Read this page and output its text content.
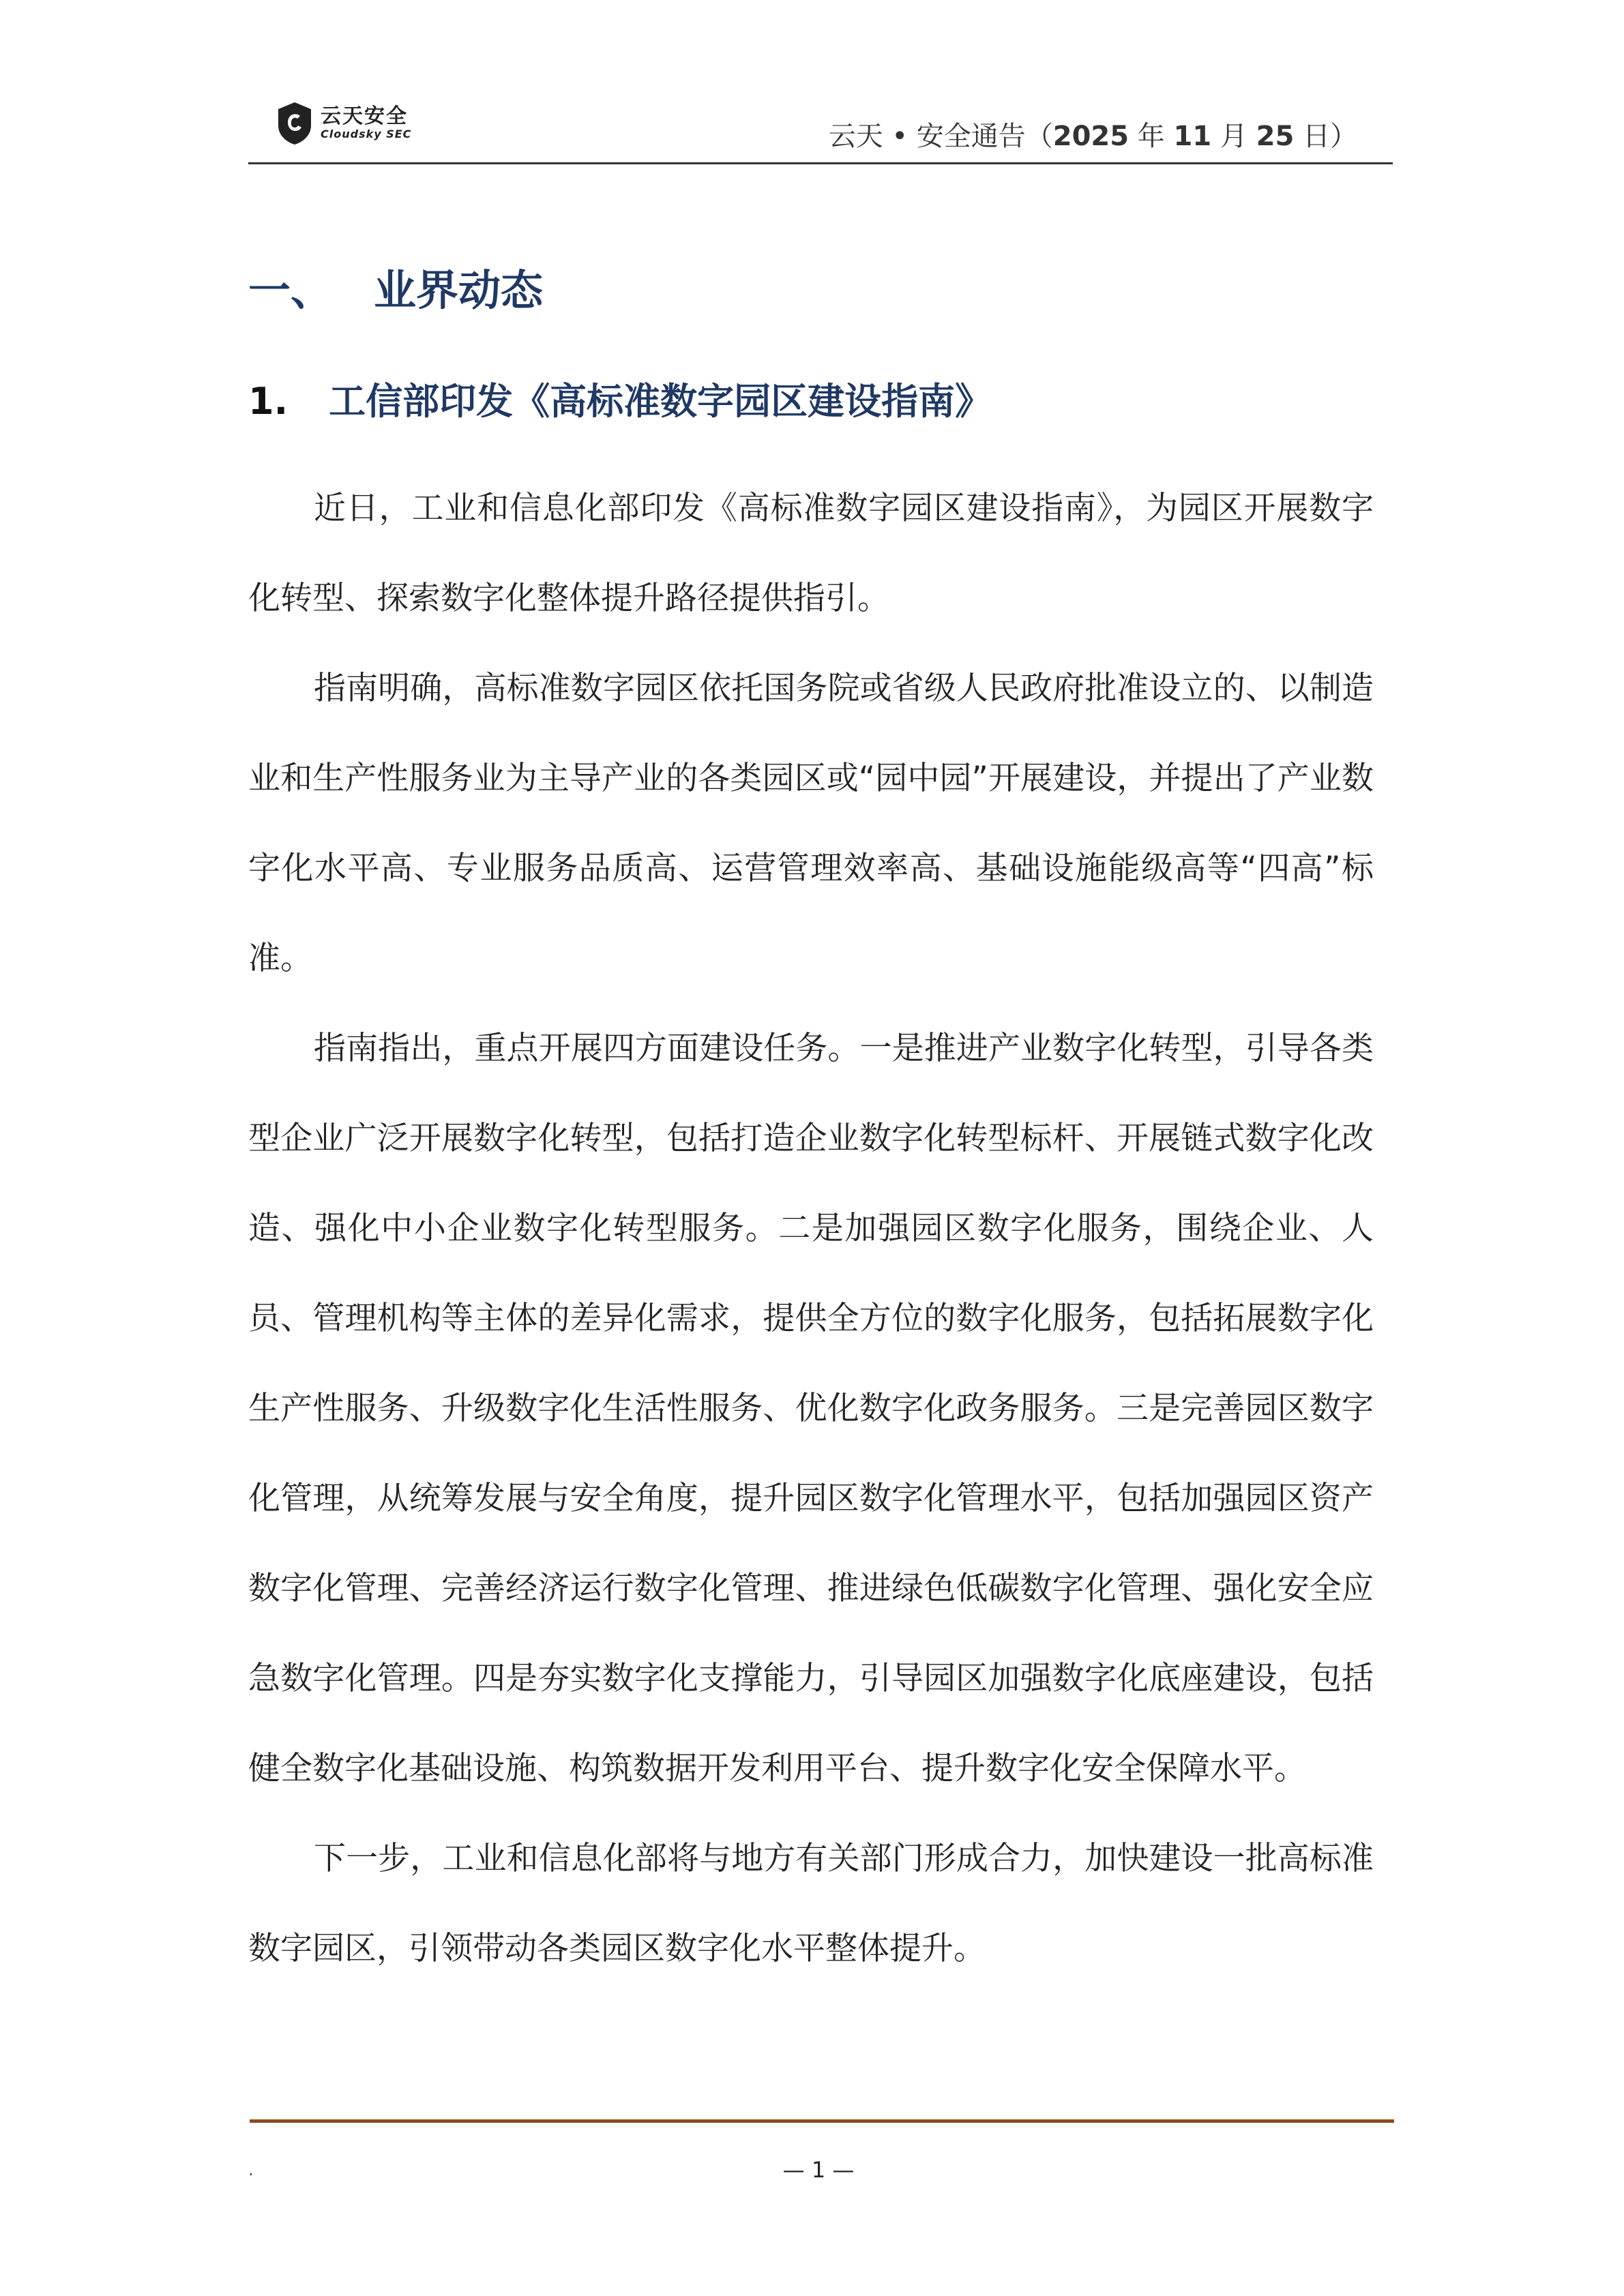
云天安全
Cloudsky SEC	云天 • 安全通告（2025 年 11 月 25 日）
一、 业界动态
1. 工信部印发《高标准数字园区建设指南》

近日，工业和信息化部印发《高标准数字园区建设指南》，为园区开展数字化转型、探索数字化整体提升路径提供指引。

指南明确，高标准数字园区依托国务院或省级人民政府批准设立的、以制造业和生产性服务业为主导产业的各类园区或“园中园”开展建设，并提出了产业数字化水平高、专业服务品质高、运营管理效率高、基础设施能级高等“四高”标准。

指南指出，重点开展四方面建设任务。一是推进产业数字化转型，引导各类型企业广泛开展数字化转型，包括打造企业数字化转型标杆、开展链式数字化改造、强化中小企业数字化转型服务。二是加强园区数字化服务，围绕企业、人员、管理机构等主体的差异化需求，提供全方位的数字化服务，包括拓展数字化生产性服务、升级数字化生活性服务、优化数字化政务服务。三是完善园区数字化管理，从统筹发展与安全角度，提升园区数字化管理水平，包括加强园区资产数字化管理、完善经济运行数字化管理、推进绿色低碳数字化管理、强化安全应急数字化管理。四是夯实数字化支撑能力，引导园区加强数字化底座建设，包括健全数字化基础设施、构筑数据开发利用平台、提升数字化安全保障水平。

下一步，工业和信息化部将与地方有关部门形成合力，加快建设一批高标准数字园区，引领带动各类园区数字化水平整体提升。

.	— 1 —
